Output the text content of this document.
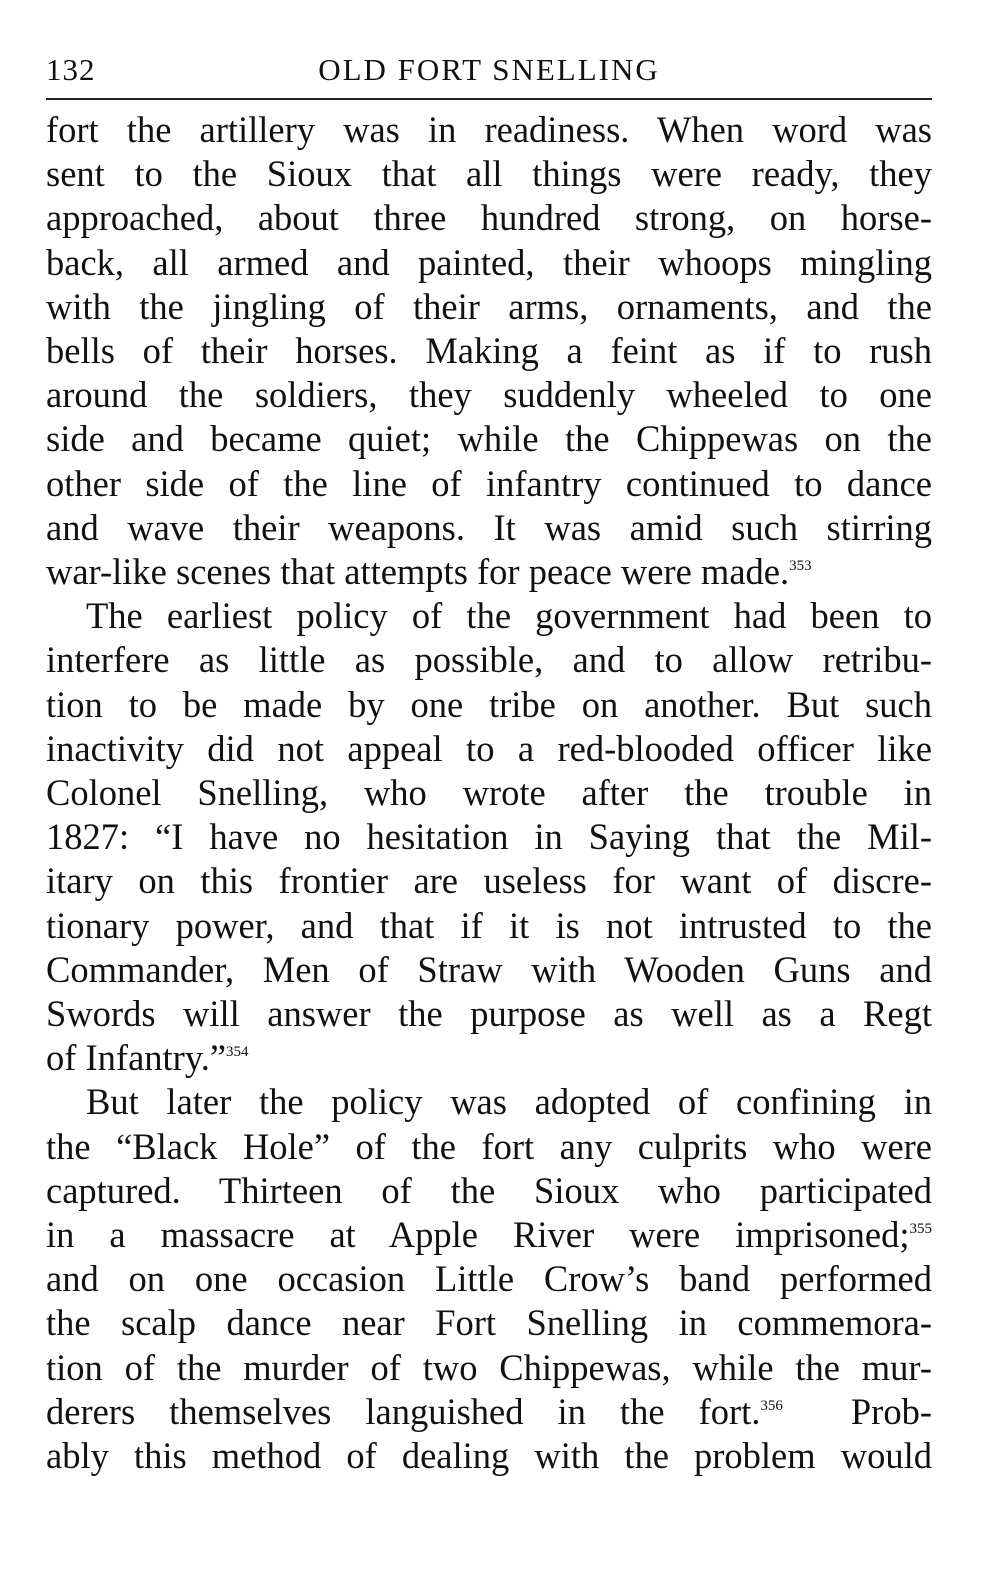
132	OLD FORT SNELLING
fort the artillery was in readiness. When word was
sent to the Sioux that all things were ready, they
approached, about three hundred strong, on horse-
back, all armed and painted, their whoops mingling
with the jingling of their arms, ornaments, and the
bells of their horses. Making a feint as if to rush
around the soldiers, they suddenly wheeled to one
side and became quiet; while the Chippewas on the
other side of the line of infantry continued to dance
and wave their weapons. It was amid such stirring
war-like scenes that attempts for peace were made.$^{353}$
The earliest policy of the government had been to
interfere as little as possible, and to allow retribu-
tion to be made by one tribe on another. But such
inactivity did not appeal to a red-blooded officer like
Colonel Snelling, who wrote after the trouble in
1827: “I have no hesitation in Saying that the Mil-
itary on this frontier are useless for want of discre-
tionary power, and that if it is not intrusted to the
Commander, Men of Straw with Wooden Guns and
Swords will answer the purpose as well as a Regt
of Infantry.”$^{354}$
But later the policy was adopted of confining in
the “Black Hole” of the fort any culprits who were
captured. Thirteen of the Sioux who participated
in a massacre at Apple River were imprisoned;$^{355}$
and on one occasion Little Crow’s band performed
the scalp dance near Fort Snelling in commemora-
tion of the murder of two Chippewas, while the mur-
derers themselves languished in the fort.$^{356}$  Prob-
ably this method of dealing with the problem would
